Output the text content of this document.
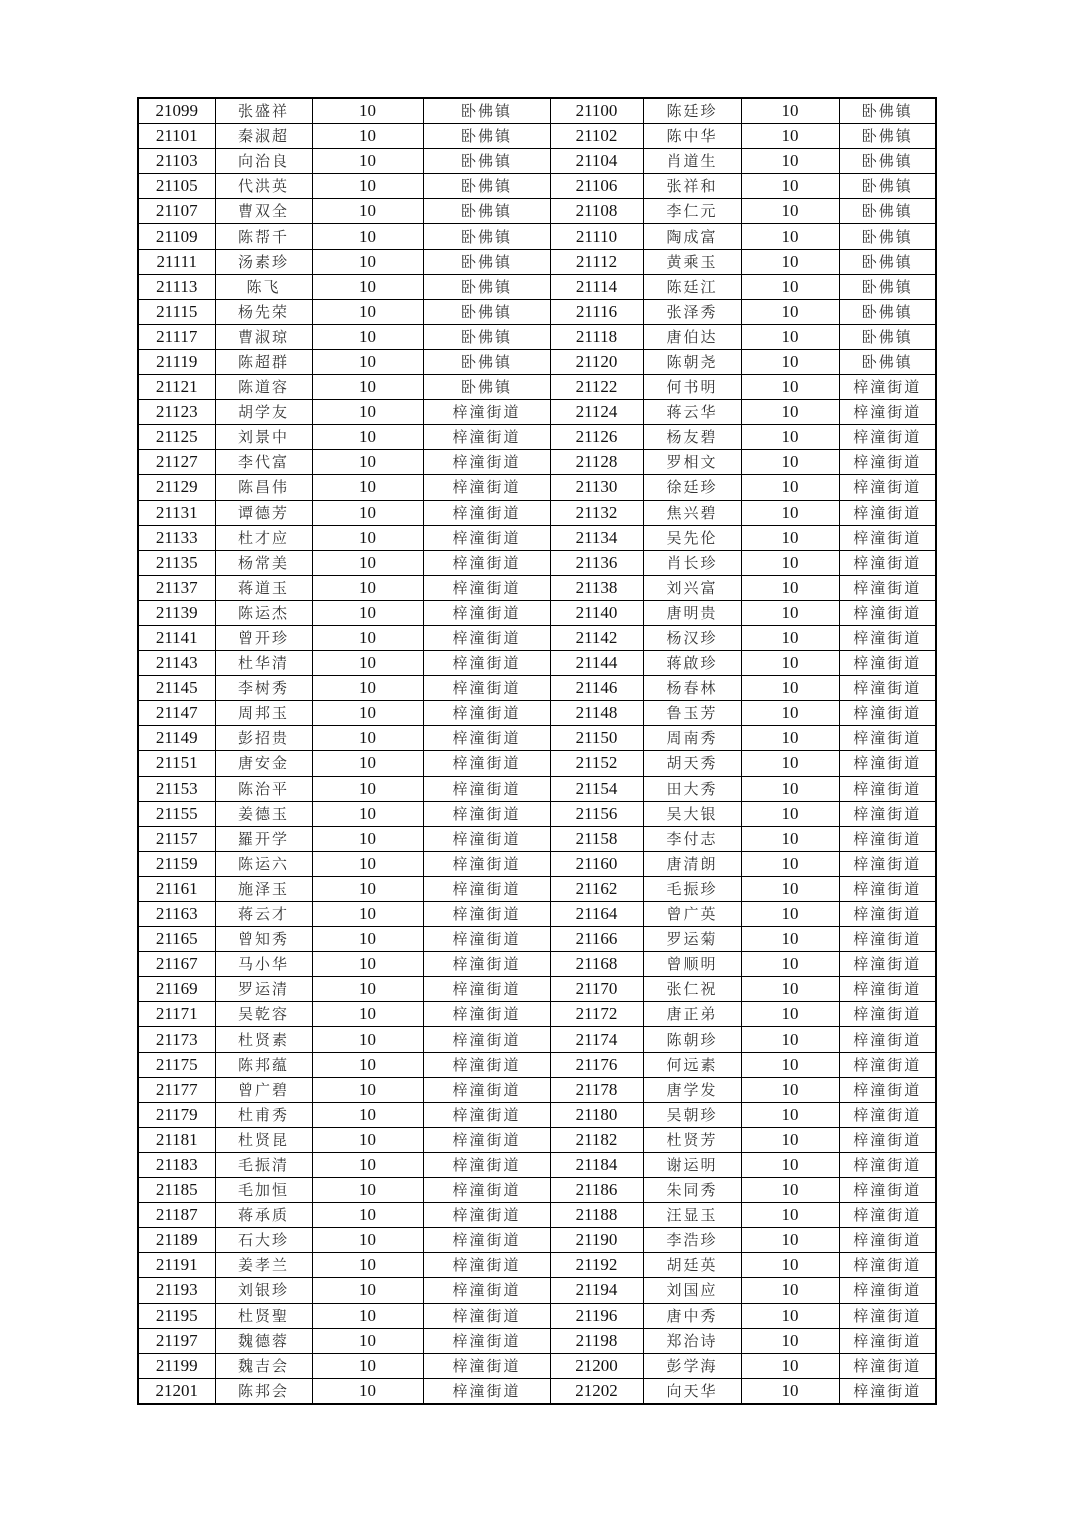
21099	张盛祥	10	卧佛镇	21100	陈廷珍	10	卧佛镇
21101	秦淑超	10	卧佛镇	21102	陈中华	10	卧佛镇
21103	向治良	10	卧佛镇	21104	肖道生	10	卧佛镇
21105	代洪英	10	卧佛镇	21106	张祥和	10	卧佛镇
21107	曹双全	10	卧佛镇	21108	李仁元	10	卧佛镇
21109	陈帮千	10	卧佛镇	21110	陶成富	10	卧佛镇
21111	汤素珍	10	卧佛镇	21112	黄乘玉	10	卧佛镇
21113	陈飞	10	卧佛镇	21114	陈廷江	10	卧佛镇
21115	杨先荣	10	卧佛镇	21116	张泽秀	10	卧佛镇
21117	曹淑琼	10	卧佛镇	21118	唐伯达	10	卧佛镇
21119	陈超群	10	卧佛镇	21120	陈朝尧	10	卧佛镇
21121	陈道容	10	卧佛镇	21122	何书明	10	梓潼街道
21123	胡学友	10	梓潼街道	21124	蒋云华	10	梓潼街道
21125	刘景中	10	梓潼街道	21126	杨友碧	10	梓潼街道
21127	李代富	10	梓潼街道	21128	罗相文	10	梓潼街道
21129	陈昌伟	10	梓潼街道	21130	徐廷珍	10	梓潼街道
21131	谭德芳	10	梓潼街道	21132	焦兴碧	10	梓潼街道
21133	杜才应	10	梓潼街道	21134	吴先伦	10	梓潼街道
21135	杨常美	10	梓潼街道	21136	肖长珍	10	梓潼街道
21137	蒋道玉	10	梓潼街道	21138	刘兴富	10	梓潼街道
21139	陈运杰	10	梓潼街道	21140	唐明贵	10	梓潼街道
21141	曾开珍	10	梓潼街道	21142	杨汉珍	10	梓潼街道
21143	杜华清	10	梓潼街道	21144	蒋啟珍	10	梓潼街道
21145	李树秀	10	梓潼街道	21146	杨春林	10	梓潼街道
21147	周邦玉	10	梓潼街道	21148	鲁玉芳	10	梓潼街道
21149	彭招贵	10	梓潼街道	21150	周南秀	10	梓潼街道
21151	唐安金	10	梓潼街道	21152	胡天秀	10	梓潼街道
21153	陈治平	10	梓潼街道	21154	田大秀	10	梓潼街道
21155	姜德玉	10	梓潼街道	21156	吴大银	10	梓潼街道
21157	羅开学	10	梓潼街道	21158	李付志	10	梓潼街道
21159	陈运六	10	梓潼街道	21160	唐清朗	10	梓潼街道
21161	施泽玉	10	梓潼街道	21162	毛振珍	10	梓潼街道
21163	蒋云才	10	梓潼街道	21164	曾广英	10	梓潼街道
21165	曾知秀	10	梓潼街道	21166	罗运菊	10	梓潼街道
21167	马小华	10	梓潼街道	21168	曾顺明	10	梓潼街道
21169	罗运清	10	梓潼街道	21170	张仁祝	10	梓潼街道
21171	吴乾容	10	梓潼街道	21172	唐正弟	10	梓潼街道
21173	杜贤素	10	梓潼街道	21174	陈朝珍	10	梓潼街道
21175	陈邦蕴	10	梓潼街道	21176	何远素	10	梓潼街道
21177	曾广碧	10	梓潼街道	21178	唐学发	10	梓潼街道
21179	杜甫秀	10	梓潼街道	21180	吴朝珍	10	梓潼街道
21181	杜贤昆	10	梓潼街道	21182	杜贤芳	10	梓潼街道
21183	毛振清	10	梓潼街道	21184	谢运明	10	梓潼街道
21185	毛加恒	10	梓潼街道	21186	朱同秀	10	梓潼街道
21187	蒋承质	10	梓潼街道	21188	汪显玉	10	梓潼街道
21189	石大珍	10	梓潼街道	21190	李浩珍	10	梓潼街道
21191	姜孝兰	10	梓潼街道	21192	胡廷英	10	梓潼街道
21193	刘银珍	10	梓潼街道	21194	刘国应	10	梓潼街道
21195	杜贤聖	10	梓潼街道	21196	唐中秀	10	梓潼街道
21197	魏德蓉	10	梓潼街道	21198	郑治诗	10	梓潼街道
21199	魏吉会	10	梓潼街道	21200	彭学海	10	梓潼街道
21201	陈邦会	10	梓潼街道	21202	向天华	10	梓潼街道
